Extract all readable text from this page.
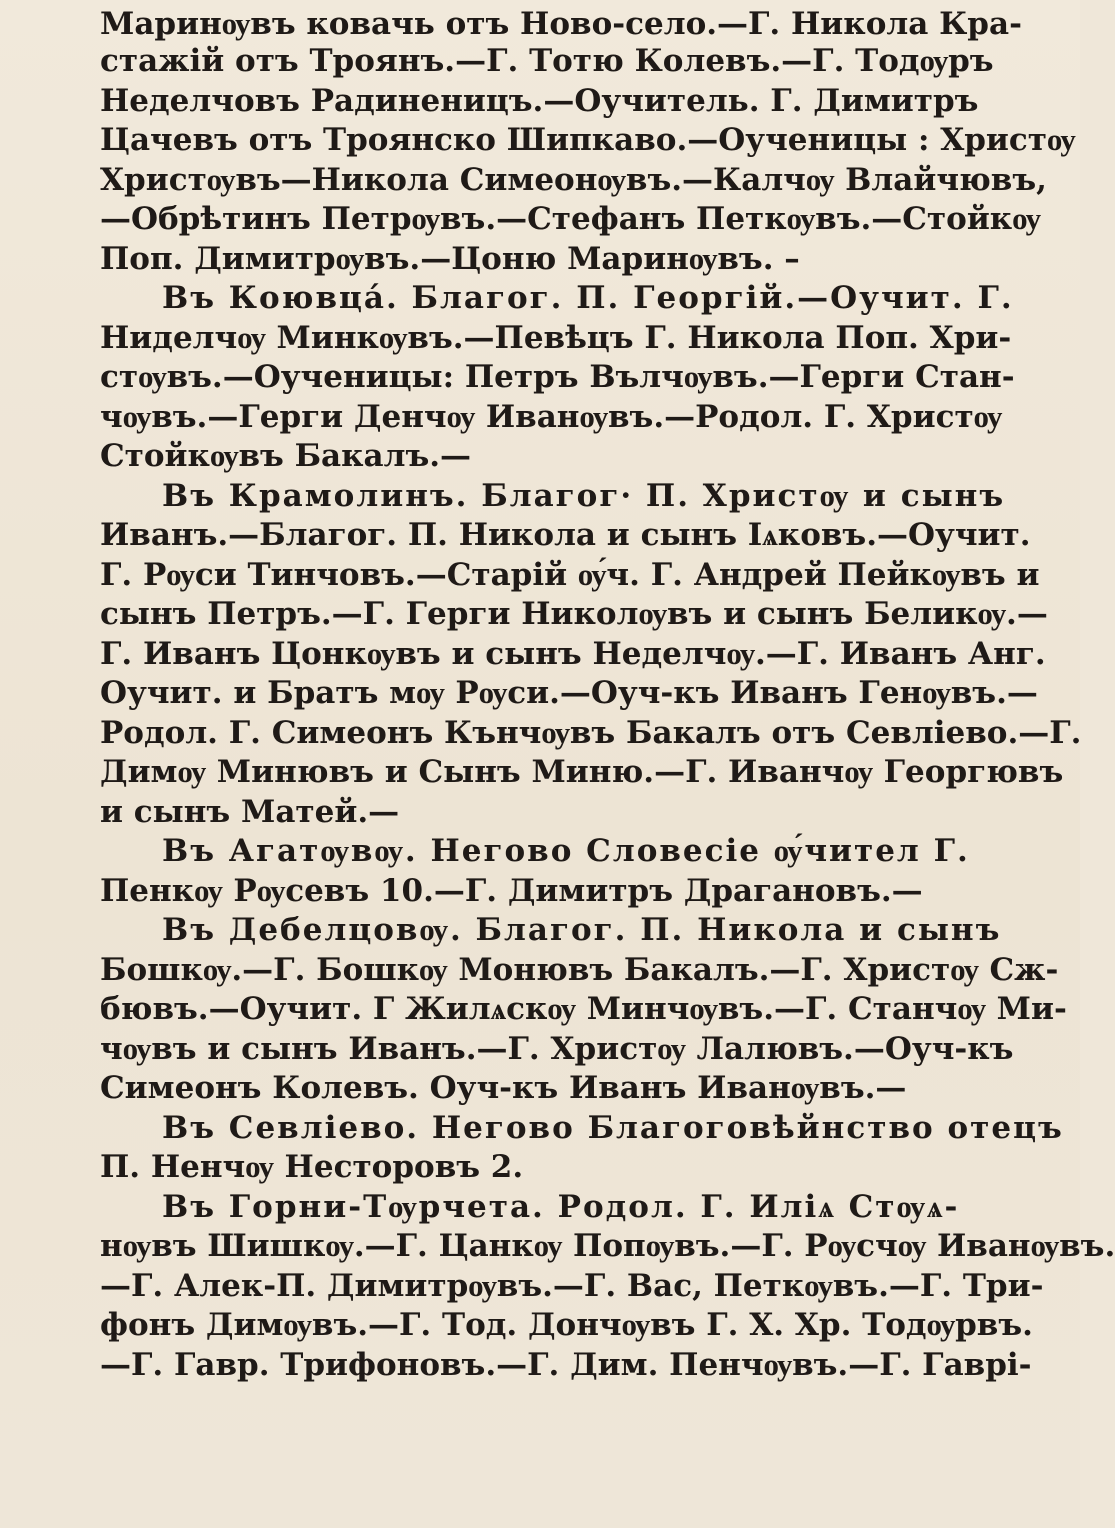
Маринѹвъ ковачь отъ Ново-село.—Г. Никола Кра-
стажій отъ Троянъ.—Г. Тотю Колевъ.—Г. Тодѹръ
Неделчовъ Радиненицъ.—Оучитель. Г. Димитръ
Цачевъ отъ Троянско Шипкаво.—Оученицы : Христѹ
Христѹвъ—Никола Симеонѹвъ.—Калчѹ Влайчювъ,
—Обрѣтинъ Петрѹвъ.—Стефанъ Петкѹвъ.—Стойкѹ
Поп. Димитрѹвъ.—Цоню Маринѹвъ. –
Въ Коювцá. Благог. П. Георгій.—Оучит. Г.
Ниделчѹ Минкѹвъ.—Певѣцъ Г. Никола Поп. Хри-
стѹвъ.—Оученицы: Петръ Вълчѹвъ.—Герги Стан-
чѹвъ.—Герги Денчѹ Иванѹвъ.—Родол. Г. Христѹ
Стойкѹвъ Бакалъ.—
Въ Крамолинъ. Благог· П. Христѹ и сынъ
Иванъ.—Благог. П. Никола и сынъ Іѧковъ.—Оучит.
Г. Рѹси Тинчовъ.—Старій ѹ́ч. Г. Андрей Пейкѹвъ и
сынъ Петръ.—Г. Герги Николѹвъ и сынъ Беликѹ.—
Г. Иванъ Цонкѹвъ и сынъ Неделчѹ.—Г. Иванъ Анг.
Оучит. и Братъ мѹ Рѹси.—Оуч-къ Иванъ Генѹвъ.—
Родол. Г. Симеонъ Кънчѹвъ Бакалъ отъ Севліево.—Г.
Димѹ Минювъ и Сынъ Миню.—Г. Иванчѹ Георгювъ
и сынъ Матей.—
Въ Агатѹвѹ. Негово Словесіе ѹ́чител Г.
Пенкѹ Рѹсевъ 10.—Г. Димитръ Драгановъ.—
Въ Дебелцовѹ. Благог. П. Никола и сынъ
Бошкѹ.—Г. Бошкѹ Монювъ Бакалъ.—Г. Христѹ Сж-
бювъ.—Оучит. Г Жилѧскѹ Минчѹвъ.—Г. Станчѹ Ми-
чѹвъ и сынъ Иванъ.—Г. Христѹ Лалювъ.—Оуч-къ
Симеонъ Колевъ. Оуч-къ Иванъ Иванѹвъ.—
Въ Севліево. Негово Благоговѣйнство отецъ
П. Ненчѹ Несторовъ 2.
Въ Горни-Тѹрчета. Родол. Г. Иліѧ Стѹѧ-
нѹвъ Шишкѹ.—Г. Цанкѹ Попѹвъ.—Г. Рѹсчѹ Иванѹвъ.
—Г. Алек-П. Димитрѹвъ.—Г. Вас, Петкѹвъ.—Г. Три-
фонъ Димѹвъ.—Г. Тод. Дончѹвъ Г. Х. Хр. Тодѹрвъ.
—Г. Гавр. Трифоновъ.—Г. Дим. Пенчѹвъ.—Г. Гаврі-
